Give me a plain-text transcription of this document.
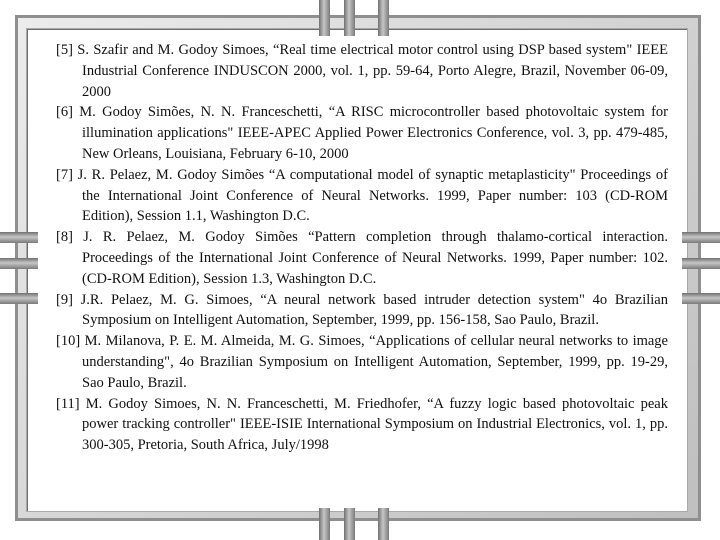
[5] S. Szafir and M. Godoy Simoes, “Real time electrical motor control using DSP based system" IEEE Industrial Conference INDUSCON 2000, vol. 1, pp. 59-64, Porto Alegre, Brazil, November 06-09, 2000

[6] M. Godoy Simões, N. N. Franceschetti, “A RISC microcontroller based photovoltaic system for illumination applications" IEEE-APEC Applied Power Electronics Conference, vol. 3, pp. 479-485, New Orleans, Louisiana, February 6-10, 2000

[7] J. R. Pelaez, M. Godoy Simões “A computational model of synaptic metaplasticity" Proceedings of the International Joint Conference of Neural Networks. 1999, Paper number: 103 (CD-ROM Edition), Session 1.1, Washington D.C.

[8] J. R. Pelaez, M. Godoy Simões “Pattern completion through thalamo-cortical interaction. Proceedings of the International Joint Conference of Neural Networks. 1999, Paper number: 102. (CD-ROM Edition), Session 1.3, Washington D.C.

[9] J.R. Pelaez, M. G. Simoes, “A neural network based intruder detection system" 4o Brazilian Symposium on Intelligent Automation, September, 1999, pp. 156-158, Sao Paulo, Brazil.

[10] M. Milanova, P. E. M. Almeida, M. G. Simoes, “Applications of cellular neural networks to image understanding", 4o Brazilian Symposium on Intelligent Automation, September, 1999, pp. 19-29, Sao Paulo, Brazil.

[11] M. Godoy Simoes, N. N. Franceschetti, M. Friedhofer, “A fuzzy logic based photovoltaic peak power tracking controller" IEEE-ISIE International Symposium on Industrial Electronics, vol. 1, pp. 300-305, Pretoria, South Africa, July/1998
